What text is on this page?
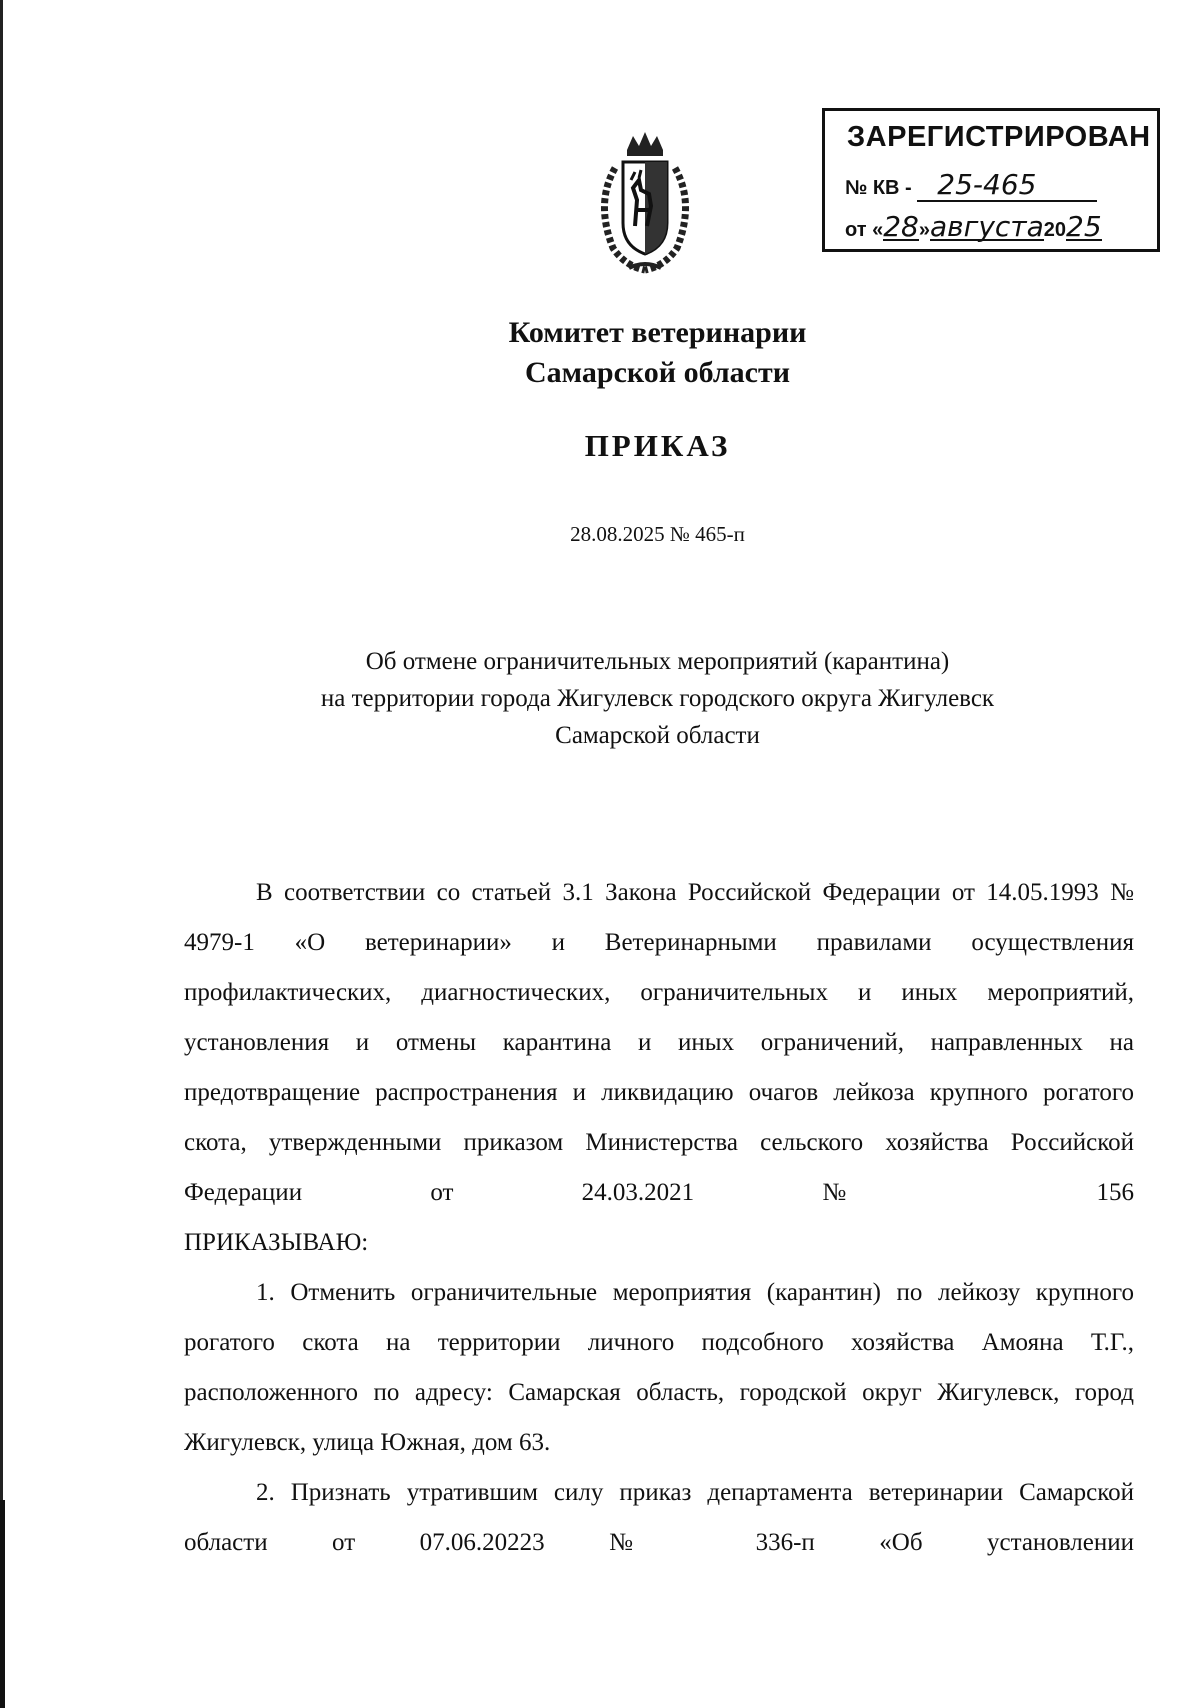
ЗАРЕГИСТРИРОВАН
№ КВ - 25-465
от «28»августа2025
Комитет ветеринарии
Самарской области
ПРИКАЗ
28.08.2025 № 465-п
Об отмене ограничительных мероприятий (карантина)
на территории города Жигулевск городского округа Жигулевск
Самарской области

В соответствии со статьей 3.1 Закона Российской Федерации от 14.05.1993 № 4979-1 «О ветеринарии» и Ветеринарными правилами осуществления профилактических, диагностических, ограничительных и иных мероприятий, установления и отмены карантина и иных ограничений, направленных на предотвращение распространения и ликвидацию очагов лейкоза крупного рогатого скота, утвержденными приказом Министерства сельского хозяйства Российской Федерации от 24.03.2021 № 156

ПРИКАЗЫВАЮ:

1. Отменить ограничительные мероприятия (карантин) по лейкозу крупного рогатого скота на территории личного подсобного хозяйства Амояна Т.Г., расположенного по адресу: Самарская область, городской округ Жигулевск, город Жигулевск, улица Южная, дом 63.

2. Признать утратившим силу приказ департамента ветеринарии Самарской области от 07.06.20223 № 336-п «Об установлении
